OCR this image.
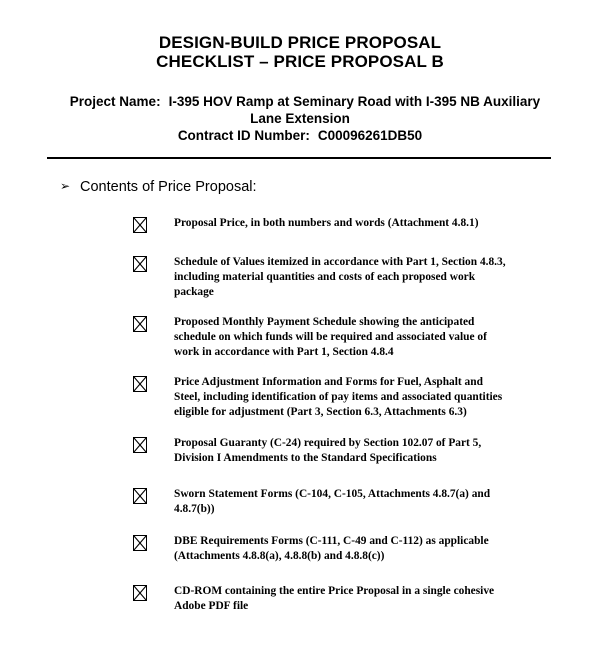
DESIGN-BUILD PRICE PROPOSAL
CHECKLIST – PRICE PROPOSAL B
Project Name: I-395 HOV Ramp at Seminary Road with I-395 NB Auxiliary
Lane Extension
Contract ID Number: C00096261DB50
➢ Contents of Price Proposal:
Proposal Price, in both numbers and words (Attachment 4.8.1)
Schedule of Values itemized in accordance with Part 1, Section 4.8.3,
including material quantities and costs of each proposed work
package
Proposed Monthly Payment Schedule showing the anticipated
schedule on which funds will be required and associated value of
work in accordance with Part 1, Section 4.8.4
Price Adjustment Information and Forms for Fuel, Asphalt and
Steel, including identification of pay items and associated quantities
eligible for adjustment (Part 3, Section 6.3, Attachments 6.3)
Proposal Guaranty (C-24) required by Section 102.07 of Part 5,
Division I Amendments to the Standard Specifications
Sworn Statement Forms (C-104, C-105, Attachments 4.8.7(a) and
4.8.7(b))
DBE Requirements Forms (C-111, C-49 and C-112) as applicable
(Attachments 4.8.8(a), 4.8.8(b) and 4.8.8(c))
CD-ROM containing the entire Price Proposal in a single cohesive
Adobe PDF file
